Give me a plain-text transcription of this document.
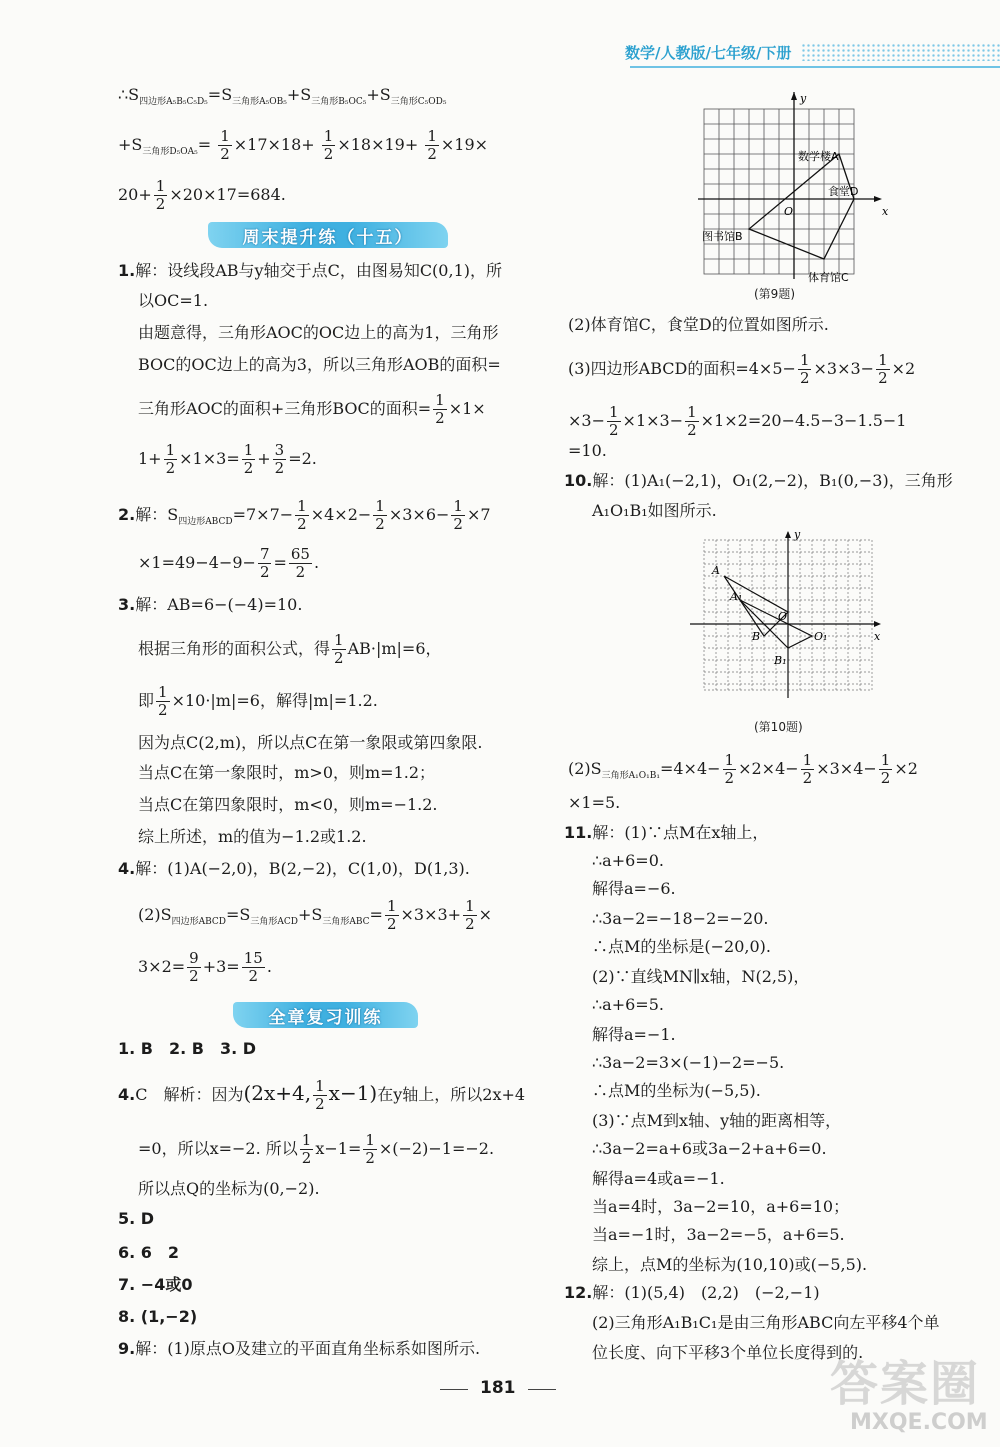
数学/人教版/七年级/下册
$\therefore S_{四边形A_5B_5C_5D_5}=S_{三角形A_5OB_5}+S_{三角形B_5OC_5}+S_{三角形C_5OD_5}$
$+S_{三角形D_5OA_5}= \frac{1}{2} \times 17\times 18+ \frac{1}{2} \times 18\times 19+ \frac{1}{2} \times 19\times$
$20+ \frac{1}{2} \times 20\times 17=684$.
周末提升练（十五）
1.解：设线段AB与y轴交于点C，由图易知C(0,1)，所
以OC=1.
由题意得，三角形AOC的OC边上的高为1，三角形
BOC的OC边上的高为3，所以三角形AOB的面积=
三角形AOC的面积+三角形BOC的面积= $\frac{1}{2} \times 1\times$
$1+ \frac{1}{2} \times 1\times 3= \frac{1}{2} + \frac{3}{2} =2$.
2.解：$S_{四边形ABCD}=7\times 7- \frac{1}{2} \times 4\times 2- \frac{1}{2} \times 3\times 6- \frac{1}{2} \times 7$
$\times 1=49-4-9- \frac{7}{2} = \frac{65}{2}$ .
3.解：AB=6−(−4)=10.
根据三角形的面积公式，得 $\frac{1}{2} AB\cdot|m|=6$，
即 $\frac{1}{2} \times 10\cdot|m|=6$，解得|m|=1.2.
因为点C(2,m)，所以点C在第一象限或第四象限.
当点C在第一象限时，m>0，则m=1.2；
当点C在第四象限时，m<0，则m=−1.2.
综上所述，m的值为−1.2或1.2.
4.解：(1)A(−2,0)，B(2,−2)，C(1,0)，D(1,3).
$(2)S_{四边形ABCD}=S_{三角形ACD}+S_{三角形ABC}= \frac{1}{2} \times 3\times 3+ \frac{1}{2}$ ×
$3\times 2= \frac{9}{2} +3= \frac{15}{2}$ .
全章复习训练
1. B　2. B　3. D
4.C　解析：因为(2x+4, $\frac{1}{2} x-1$)在y轴上，所以2x+4
=0，所以x=−2. 所以 $\frac{1}{2} x-1= \frac{1}{2} \times(-2)-1=-2$.
所以点Q的坐标为(0,−2).
5. D
6. 6　2
7. −4或0
8. (1,−2)
9.解：(1)原点O及建立的平面直角坐标系如图所示.
y
x
O
数学楼A
食堂D
图书馆B
体育馆C
(第9题)
(2)体育馆C，食堂D的位置如图所示.
(3)四边形ABCD的面积$=4\times 5- \frac{1}{2} \times 3\times 3- \frac{1}{2} \times 2$
$\times 3- \frac{1}{2} \times 1\times 3- \frac{1}{2} \times 1\times 2=20-4.5-3-1.5-1$
=10.
10.解：(1)A₁(−2,1)，O₁(2,−2)，B₁(0,−3)，三角形
A₁O₁B₁如图所示.
y
x
O
A
A₁
B	O₁
B₁
(第10题)
$(2)S_{三角形A_1O_1B_1}=4\times 4- \frac{1}{2} \times 2\times 4- \frac{1}{2} \times 3\times 4- \frac{1}{2} \times 2$
×1=5.
11.解：(1)∵点M在x轴上，
∴a+6=0.
解得a=−6.
∴3a−2=−18−2=−20.
∴点M的坐标是(−20,0).
(2)∵直线MN∥x轴，N(2,5)，
∴a+6=5.
解得a=−1.
∴3a−2=3×(−1)−2=−5.
∴点M的坐标为(−5,5).
(3)∵点M到x轴、y轴的距离相等，
∴3a−2=a+6或3a−2+a+6=0.
解得a=4或a=−1.
当a=4时，3a−2=10，a+6=10；
当a=−1时，3a−2=−5，a+6=5.
综上，点M的坐标为(10,10)或(−5,5).
12.解：(1)(5,4)　(2,2)　(−2,−1)
(2)三角形A₁B₁C₁是由三角形ABC向左平移4个单
位长度、向下平移3个单位长度得到的.
181	答案圈
MXQE.COM
